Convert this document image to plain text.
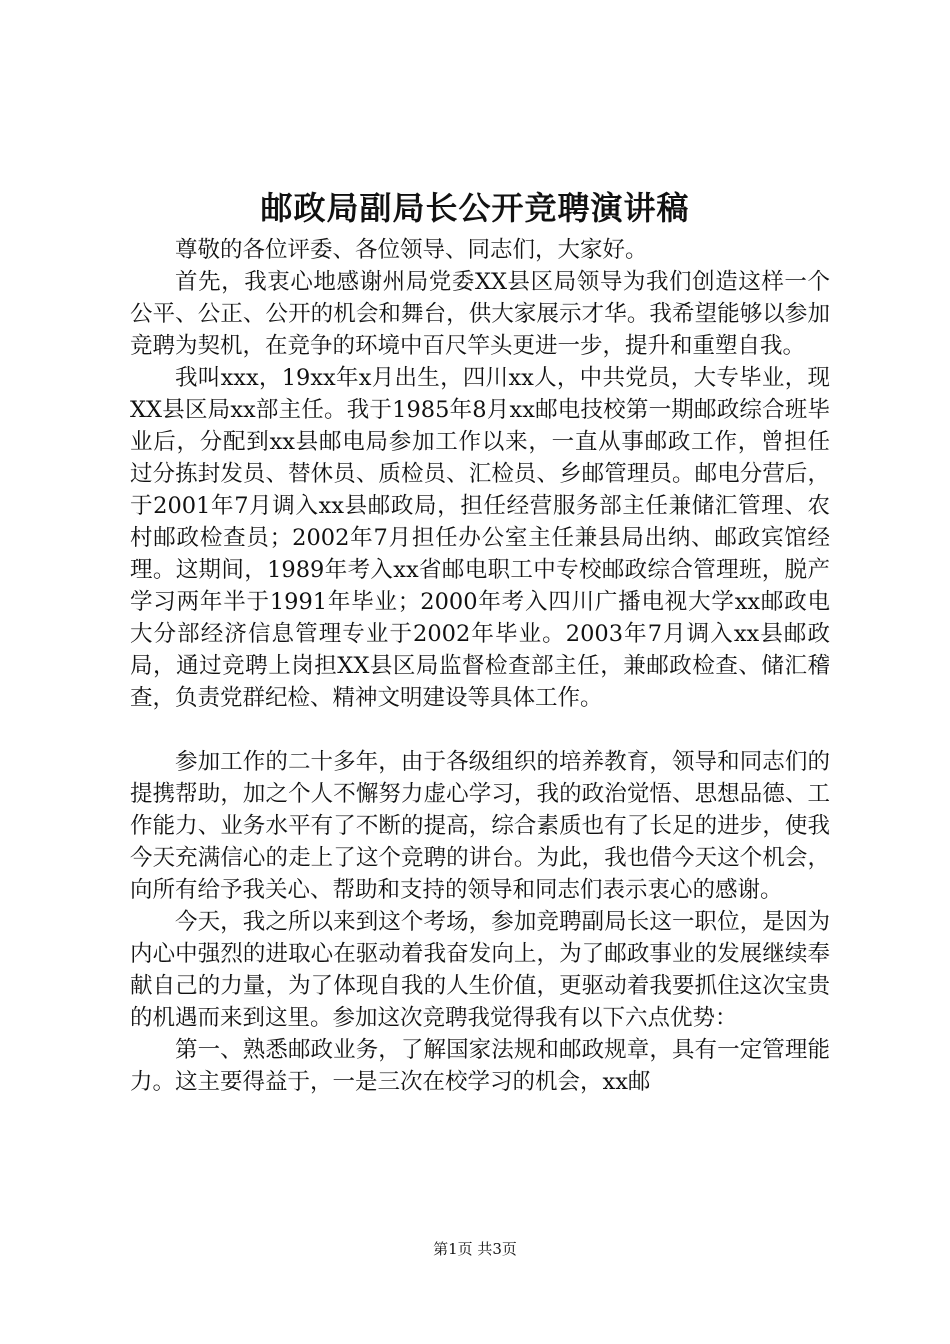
邮政局副局长公开竞聘演讲稿

尊敬的各位评委、各位领导、同志们，大家好。

首先，我衷心地感谢州局党委XX县区局领导为我们创造这样一个公平、公正、公开的机会和舞台，供大家展示才华。我希望能够以参加竞聘为契机，在竞争的环境中百尺竿头更进一步，提升和重塑自我。

我叫xxx，19xx年x月出生，四川xx人，中共党员，大专毕业，现XX县区局xx部主任。我于1985年8月xx邮电技校第一期邮政综合班毕业后，分配到xx县邮电局参加工作以来，一直从事邮政工作，曾担任过分拣封发员、替休员、质检员、汇检员、乡邮管理员。邮电分营后，于2001年7月调入xx县邮政局，担任经营服务部主任兼储汇管理、农村邮政检查员；2002年7月担任办公室主任兼县局出纳、邮政宾馆经理。这期间，1989年考入xx省邮电职工中专校邮政综合管理班，脱产学习两年半于1991年毕业；2000年考入四川广播电视大学xx邮政电大分部经济信息管理专业于2002年毕业。2003年7月调入xx县邮政局，通过竞聘上岗担XX县区局监督检查部主任，兼邮政检查、储汇稽查，负责党群纪检、精神文明建设等具体工作。

参加工作的二十多年，由于各级组织的培养教育，领导和同志们的提携帮助，加之个人不懈努力虚心学习，我的政治觉悟、思想品德、工作能力、业务水平有了不断的提高，综合素质也有了长足的进步，使我今天充满信心的走上了这个竞聘的讲台。为此，我也借今天这个机会，向所有给予我关心、帮助和支持的领导和同志们表示衷心的感谢。

今天，我之所以来到这个考场，参加竞聘副局长这一职位，是因为内心中强烈的进取心在驱动着我奋发向上，为了邮政事业的发展继续奉献自己的力量，为了体现自我的人生价值，更驱动着我要抓住这次宝贵的机遇而来到这里。参加这次竞聘我觉得我有以下六点优势：

第一、熟悉邮政业务，了解国家法规和邮政规章，具有一定管理能力。这主要得益于，一是三次在校学习的机会，xx邮

第1页 共3页
